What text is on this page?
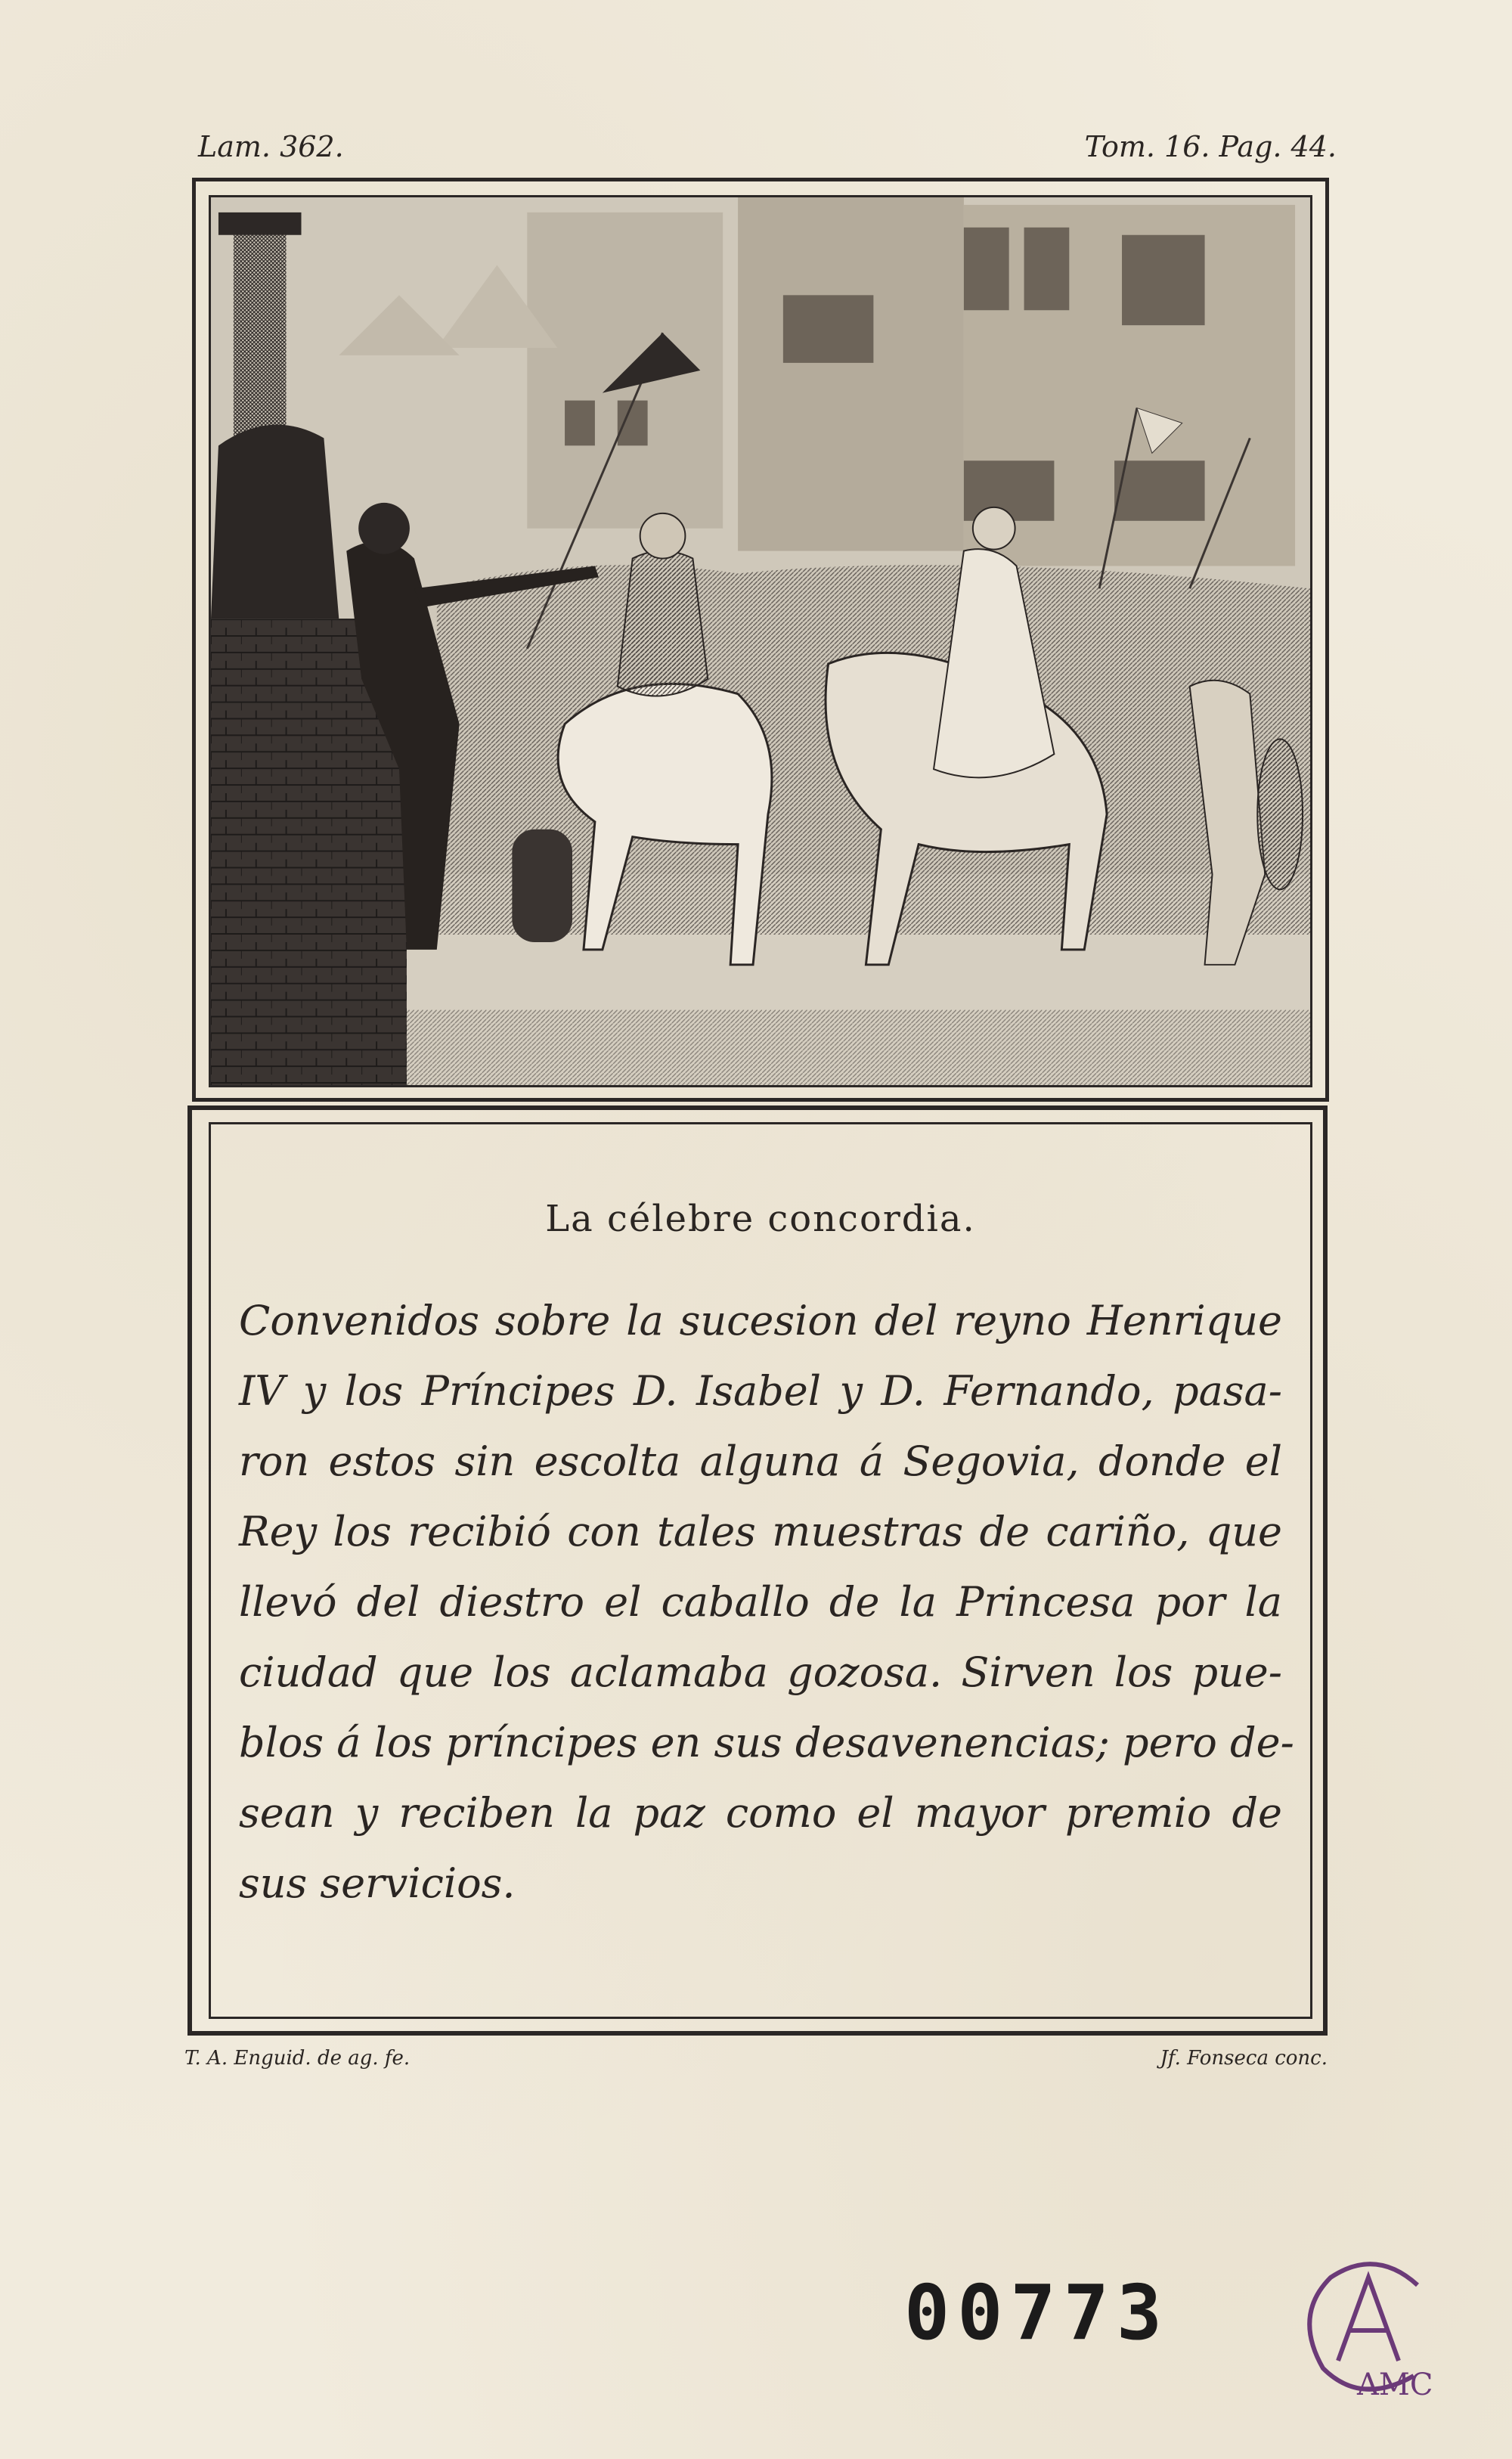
Lam. 362.	Tom. 16. Pag. 44.
La célebre concordia.
Convenidos sobre la sucesion del reyno Henrique
IV y los Príncipes D. Isabel y D. Fernando, pasa-
ron estos sin escolta alguna á Segovia, donde el
Rey los recibió con tales muestras de cariño, que
llevó del diestro el caballo de la Princesa por la
ciudad que los aclamaba gozosa. Sirven los pue-
blos á los príncipes en sus desavenencias; pero de-
sean y reciben la paz como el mayor premio de
sus servicios.
T. A. Enguid. de ag. fe.	Jf. Fonseca conc.
00773
AMC
